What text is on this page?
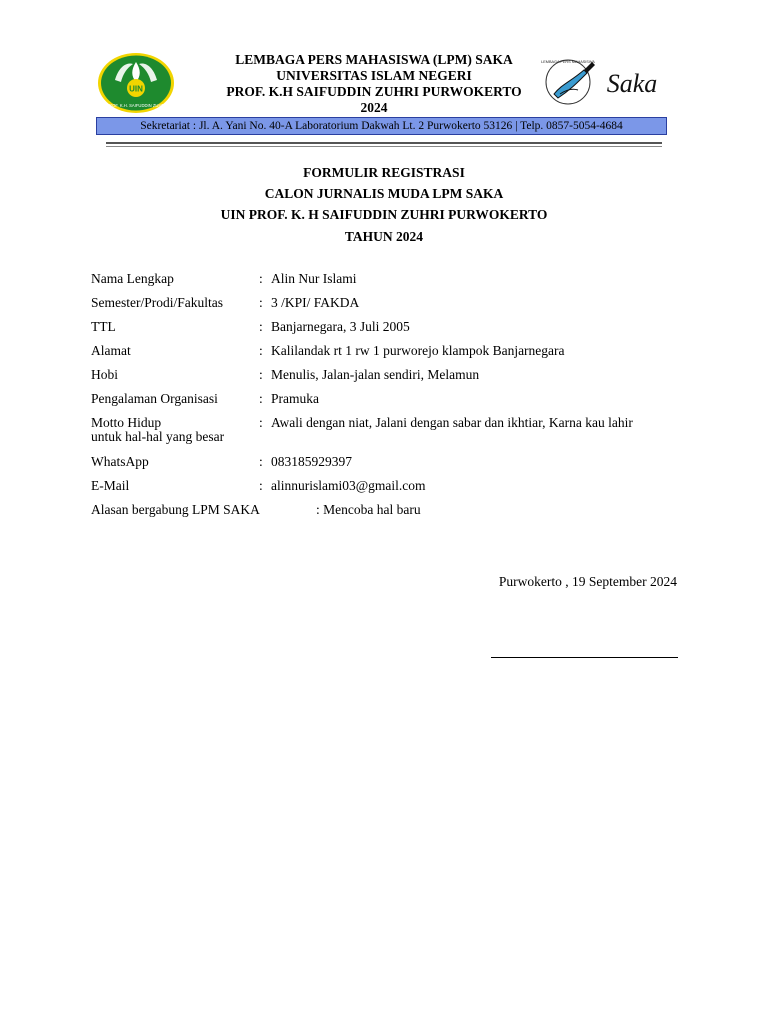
UIN
PROF. K.H. SAIFUDDIN ZUHRI
LEMBAGA PERS MAHASISWA (LPM) SAKA
UNIVERSITAS ISLAM NEGERI
PROF. K.H SAIFUDDIN ZUHRI PURWOKERTO
2024
LEMBAGA PERS MAHASISWA
Saka
Sekretariat : Jl. A. Yani No. 40-A Laboratorium Dakwah Lt. 2 Purwokerto 53126 | Telp. 0857-5054-4684
FORMULIR REGISTRASI
CALON JURNALIS MUDA LPM SAKA
UIN PROF. K. H SAIFUDDIN ZUHRI PURWOKERTO
TAHUN 2024
Nama Lengkap	: Alin Nur Islami
Semester/Prodi/Fakultas	: 3 /KPI/ FAKDA
TTL	: Banjarnegara, 3 Juli 2005
Alamat	: Kalilandak rt 1 rw 1 purworejo klampok Banjarnegara
Hobi	: Menulis, Jalan-jalan sendiri, Melamun
Pengalaman Organisasi	: Pramuka
Motto Hidup
untuk hal-hal yang besar
: Awali dengan niat, Jalani dengan sabar dan ikhtiar, Karna kau lahir
WhatsApp	: 083185929397
E-Mail	: alinnurislami03@gmail.com
Alasan bergabung LPM SAKA	: Mencoba hal baru
Purwokerto , 19 September 2024
